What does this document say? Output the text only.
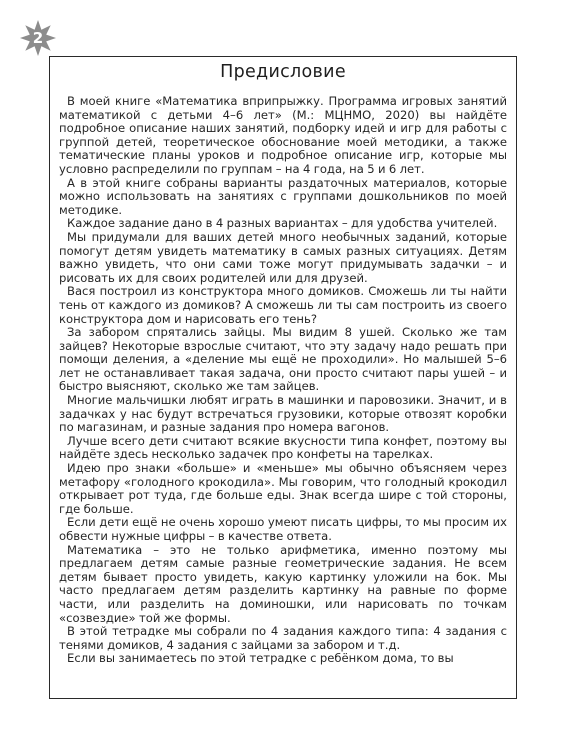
2
Предисловие

В моей книге «Математика вприпрыжку. Программа игровых занятий математикой с детьми 4–6 лет» (М.: МЦНМО, 2020) вы найдёте подробное описание наших занятий, подборку идей и игр для работы с группой детей, теоретическое обоснование моей методики, а также тематические планы уроков и подробное описание игр, которые мы условно распределили по группам – на 4 года, на 5 и 6 лет.

А в этой книге собраны варианты раздаточных материалов, которые можно использовать на занятиях с группами дошкольников по моей методике.

Каждое задание дано в 4 разных вариантах – для удобства учителей.

Мы придумали для ваших детей много необычных заданий, которые помогут детям увидеть математику в самых разных ситуациях. Детям важно увидеть, что они сами тоже могут придумывать задачки – и рисовать их для своих родителей или для друзей.

Вася построил из конструктора много домиков. Сможешь ли ты найти тень от каждого из домиков? А сможешь ли ты сам построить из своего конструктора дом и нарисовать его тень?

За забором спрятались зайцы. Мы видим 8 ушей. Сколько же там зайцев? Некоторые взрослые считают, что эту задачу надо решать при помощи деления, а «деление мы ещё не проходили». Но малышей 5–6 лет не останавливает такая задача, они просто считают пары ушей – и быстро выясняют, сколько же там зайцев.

Многие мальчишки любят играть в машинки и паровозики. Значит, и в задачках у нас будут встречаться грузовики, которые отвозят коробки по магазинам, и разные задания про номера вагонов.

Лучше всего дети считают всякие вкусности типа конфет, поэтому вы найдёте здесь несколько задачек про конфеты на тарелках.

Идею про знаки «больше» и «меньше» мы обычно объясняем через метафору «голодного крокодила». Мы говорим, что голодный крокодил открывает рот туда, где больше еды. Знак всегда шире с той стороны, где больше.

Если дети ещё не очень хорошо умеют писать цифры, то мы просим их обвести нужные цифры – в качестве ответа.

Математика – это не только арифметика, именно поэтому мы предлагаем детям самые разные геометрические задания. Не всем детям бывает просто увидеть, какую картинку уложили на бок. Мы часто предлагаем детям разделить картинку на равные по форме части, или разделить на доминошки, или нарисовать по точкам «созвездие» той же формы.

В этой тетрадке мы собрали по 4 задания каждого типа: 4 задания с тенями домиков, 4 задания с зайцами за забором и т.д.

Если вы занимаетесь по этой тетрадке с ребёнком дома, то вы
